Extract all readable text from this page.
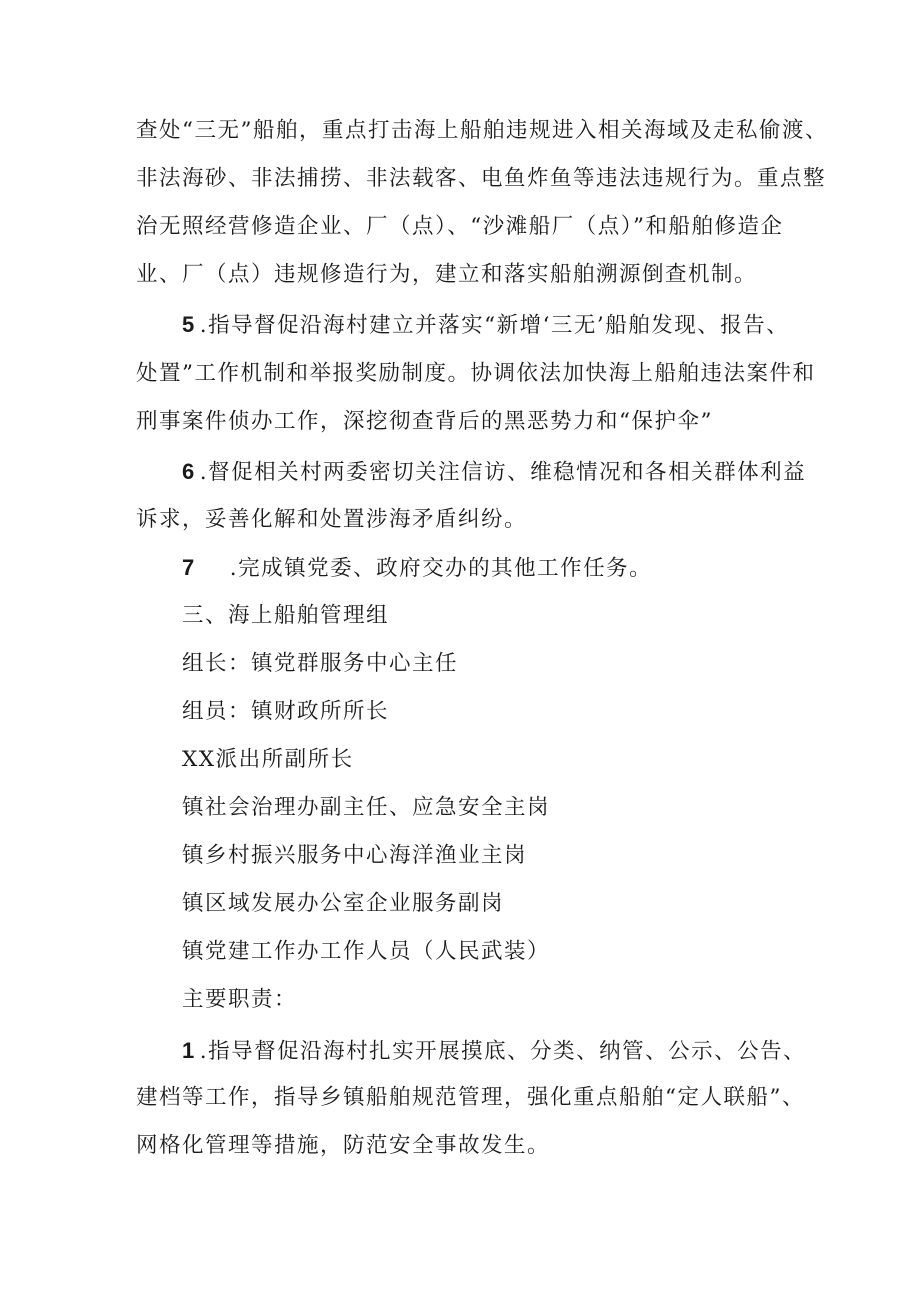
查处“三无”船舶，重点打击海上船舶违规进入相关海域及走私偷渡、
非法海砂、非法捕捞、非法载客、电鱼炸鱼等违法违规行为。重点整
治无照经营修造企业、厂（点）、“沙滩船厂（点）”和船舶修造企
业、厂（点）违规修造行为，建立和落实船舶溯源倒查机制。
5 .指导督促沿海村建立并落实“新增‘三无’船舶发现、报告、
处置”工作机制和举报奖励制度。协调依法加快海上船舶违法案件和
刑事案件侦办工作，深挖彻查背后的黑恶势力和“保护伞”
6 .督促相关村两委密切关注信访、维稳情况和各相关群体利益
诉求，妥善化解和处置涉海矛盾纠纷。
7 .完成镇党委、政府交办的其他工作任务。
三、海上船舶管理组
组长：镇党群服务中心主任
组员：镇财政所所长
XX派出所副所长
镇社会治理办副主任、应急安全主岗
镇乡村振兴服务中心海洋渔业主岗
镇区域发展办公室企业服务副岗
镇党建工作办工作人员（人民武装）
主要职责：
1 .指导督促沿海村扎实开展摸底、分类、纳管、公示、公告、
建档等工作，指导乡镇船舶规范管理，强化重点船舶“定人联船”、
网格化管理等措施，防范安全事故发生。
